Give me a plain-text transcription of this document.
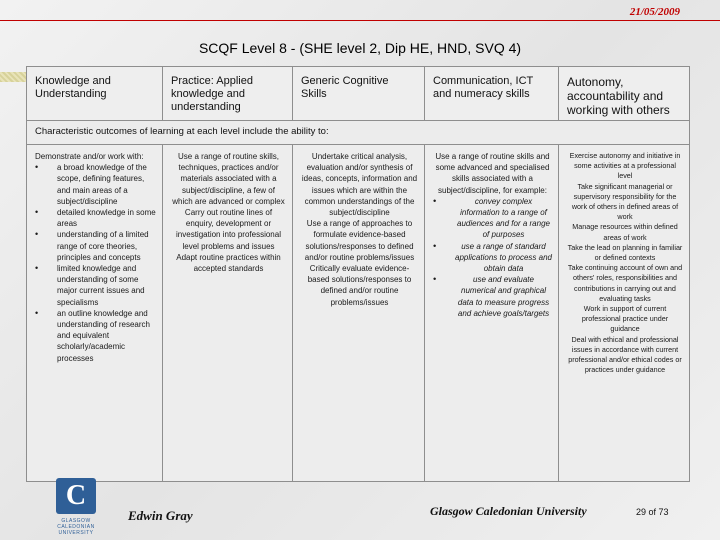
21/05/2009
SCQF Level 8 - (SHE level 2, Dip HE, HND, SVQ 4)
Knowledge and Understanding
Practice: Applied knowledge and understanding
Generic Cognitive Skills
Communication, ICT and numeracy skills
Autonomy, accountability and working with others
Characteristic outcomes of learning at each level include the ability to:

Demonstrate and/or work with:

• a broad knowledge of the scope, defining features, and main areas of a subject/discipline

• detailed knowledge in some areas

• understanding of a limited range of core theories, principles and concepts

• limited knowledge and understanding of some major current issues and specialisms

• an outline knowledge and understanding of research and equivalent scholarly/academic processes

Use a range of routine skills, techniques, practices and/or materials associated with a subject/discipline, a few of which are advanced or complex

Carry out routine lines of enquiry, development or investigation into professional level problems and issues

Adapt routine practices within accepted standards

Undertake critical analysis, evaluation and/or synthesis of ideas, concepts, information and issues which are within the common understandings of the subject/discipline

Use a range of approaches to formulate evidence-based solutions/responses to defined and/or routine problems/issues

Critically evaluate evidence-based solutions/responses to defined and/or routine problems/issues

Use a range of routine skills and some advanced and specialised skills associated with a subject/discipline, for example:

• convey complex information to a range of audiences and for a range of purposes

• use a range of standard applications to process and obtain data

• use and evaluate numerical and graphical data to measure progress and achieve goals/targets

Exercise autonomy and initiative in some activities at a professional level

Take significant managerial or supervisory responsibility for the work of others in defined areas of work

Manage resources within defined areas of work

Take the lead on planning in familiar or defined contexts

Take continuing account of own and others' roles, responsibilities and contributions in carrying out and evaluating tasks

Work in support of current professional practice under guidance

Deal with ethical and professional issues in accordance with current professional and/or ethical codes or practices under guidance

C
GLASGOW CALEDONIAN UNIVERSITY
Edwin Gray	Glasgow Caledonian University	29 of 73
